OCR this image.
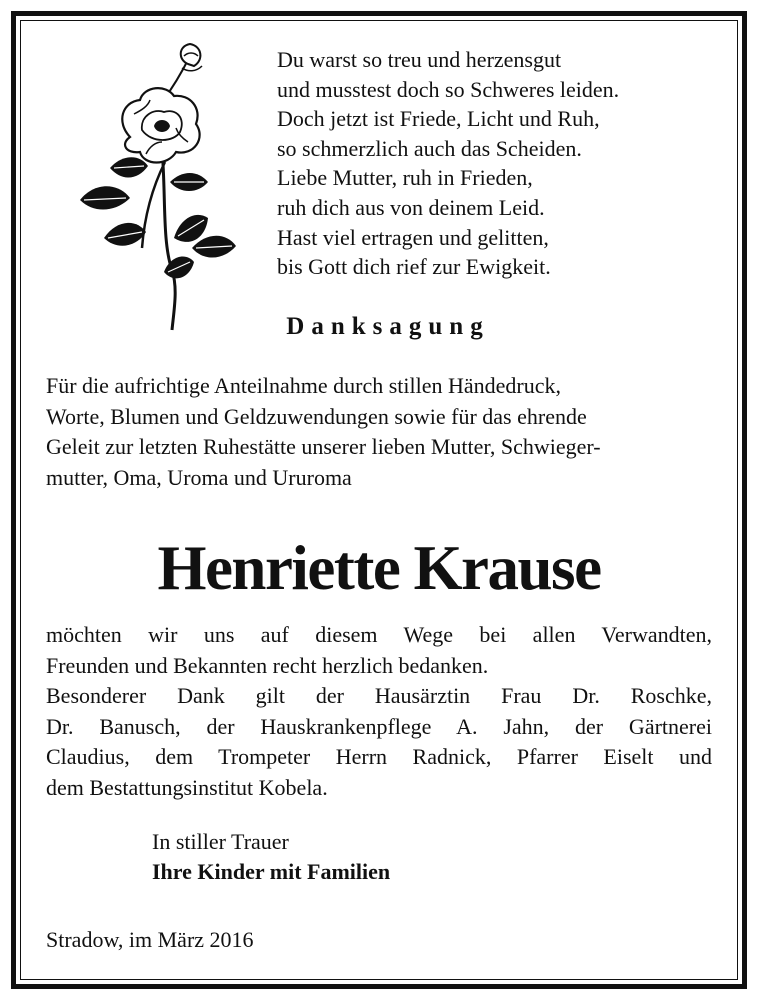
Du warst so treu und herzensgut
und musstest doch so Schweres leiden.
Doch jetzt ist Friede, Licht und Ruh,
so schmerzlich auch das Scheiden.
Liebe Mutter, ruh in Frieden,
ruh dich aus von deinem Leid.
Hast viel ertragen und gelitten,
bis Gott dich rief zur Ewigkeit.
Danksagung
Für die aufrichtige Anteilnahme durch stillen Händedruck,
Worte, Blumen und Geldzuwendungen sowie für das ehrende
Geleit zur letzten Ruhestätte unserer lieben Mutter, Schwieger-
mutter, Oma, Uroma und Ururoma
Henriette Krause
möchten wir uns auf diesem Wege bei allen Verwandten,
Freunden und Bekannten recht herzlich bedanken.
Besonderer Dank gilt der Hausärztin Frau Dr. Roschke,
Dr. Banusch, der Hauskrankenpflege A. Jahn, der Gärtnerei
Claudius, dem Trompeter Herrn Radnick, Pfarrer Eiselt und
dem Bestattungsinstitut Kobela.
In stiller Trauer
Ihre Kinder mit Familien
Stradow, im März 2016
